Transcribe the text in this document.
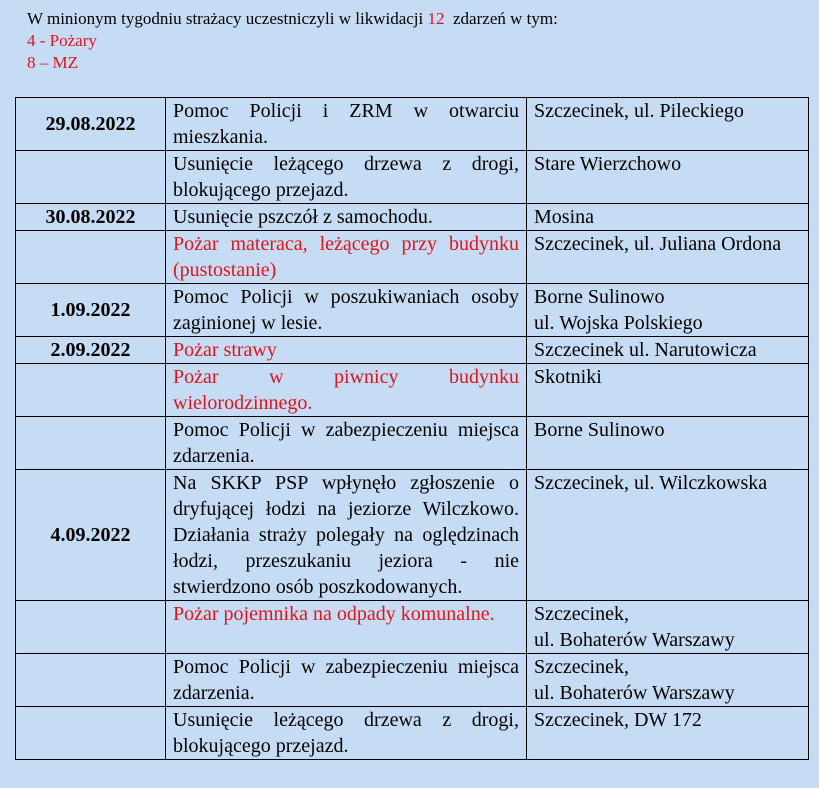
W minionym tygodniu strażacy uczestniczyli w likwidacji 12  zdarzeń w tym:
4 - Pożary
8 – MZ
29.08.2022	Pomoc Policji i ZRM w otwarciu mieszkania.	Szczecinek, ul. Pileckiego

	Usunięcie leżącego drzewa z drogi, blokującego przejazd.	Stare Wierzchowo

30.08.2022	Usunięcie pszczół z samochodu.	Mosina

	Pożar materaca, leżącego przy budynku (pustostanie)	Szczecinek, ul. Juliana Ordona

1.09.2022	Pomoc Policji w poszukiwaniach osoby zaginionej w lesie.	Borne Sulinowo
ul. Wojska Polskiego

2.09.2022	Pożar strawy	Szczecinek ul. Narutowicza

	Pożar w piwnicy budynku wielorodzinnego.	Skotniki

	Pomoc Policji w zabezpieczeniu miejsca zdarzenia.	Borne Sulinowo

4.09.2022	Na SKKP PSP wpłynęło zgłoszenie o dryfującej łodzi na jeziorze Wilczkowo. Działania straży polegały na oględzinach łodzi, przeszukaniu jeziora - nie stwierdzono osób poszkodowanych.	Szczecinek, ul. Wilczkowska

	Pożar pojemnika na odpady komunalne.	Szczecinek,
ul. Bohaterów Warszawy

	Pomoc Policji w zabezpieczeniu miejsca zdarzenia.	Szczecinek,
ul. Bohaterów Warszawy

	Usunięcie leżącego drzewa z drogi, blokującego przejazd.	Szczecinek, DW 172
